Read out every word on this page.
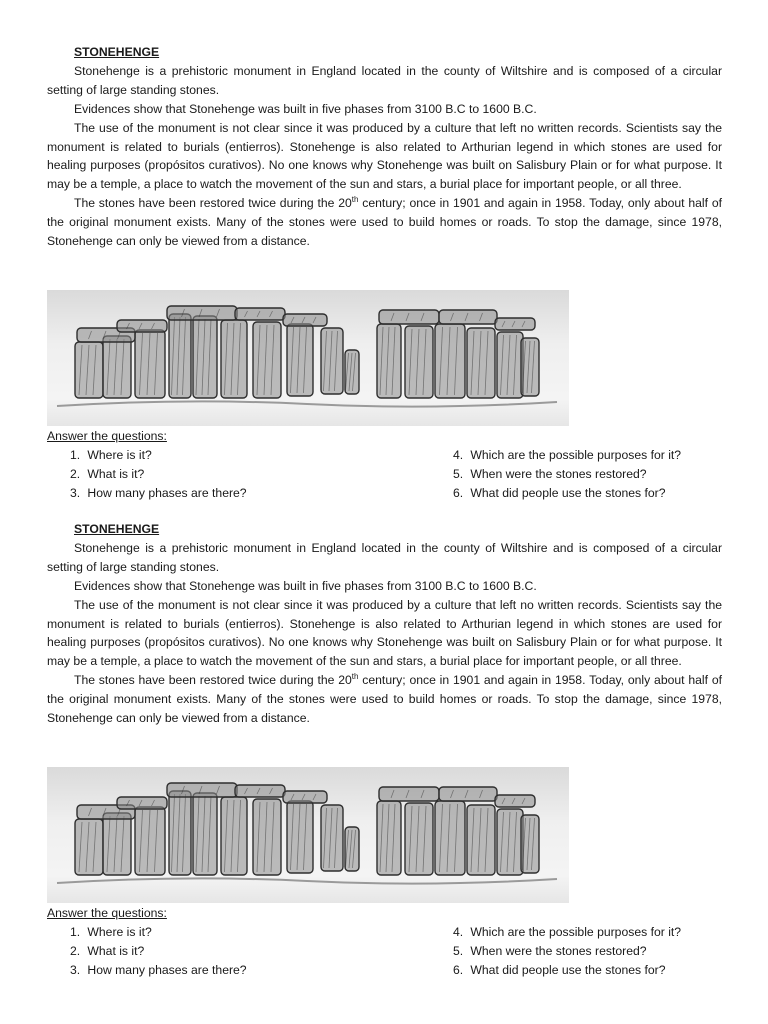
STONEHENGE

Stonehenge is a prehistoric monument in England located in the county of Wiltshire and is composed of a circular setting of large standing stones.

Evidences show that Stonehenge was built in five phases from 3100 B.C to 1600 B.C.

The use of the monument is not clear since it was produced by a culture that left no written records. Scientists say the monument is related to burials (entierros). Stonehenge is also related to Arthurian legend in which stones are used for healing purposes (propósitos curativos). No one knows why Stonehenge was built on Salisbury Plain or for what purpose. It may be a temple, a place to watch the movement of the sun and stars, a burial place for important people, or all three.

The stones have been restored twice during the 20th century; once in 1901 and again in 1958. Today, only about half of the original monument exists. Many of the stones were used to build homes or roads. To stop the damage, since 1978, Stonehenge can only be viewed from a distance.

Answer the questions:
1. Where is it?
2. What is it?
3. How many phases are there?
4. Which are the possible purposes for it?
5. When were the stones restored?
6. What did people use the stones for?
STONEHENGE

Stonehenge is a prehistoric monument in England located in the county of Wiltshire and is composed of a circular setting of large standing stones.

Evidences show that Stonehenge was built in five phases from 3100 B.C to 1600 B.C.

The use of the monument is not clear since it was produced by a culture that left no written records. Scientists say the monument is related to burials (entierros). Stonehenge is also related to Arthurian legend in which stones are used for healing purposes (propósitos curativos). No one knows why Stonehenge was built on Salisbury Plain or for what purpose. It may be a temple, a place to watch the movement of the sun and stars, a burial place for important people, or all three.

The stones have been restored twice during the 20th century; once in 1901 and again in 1958. Today, only about half of the original monument exists. Many of the stones were used to build homes or roads. To stop the damage, since 1978, Stonehenge can only be viewed from a distance.

Answer the questions:
1. Where is it?
2. What is it?
3. How many phases are there?
4. Which are the possible purposes for it?
5. When were the stones restored?
6. What did people use the stones for?
